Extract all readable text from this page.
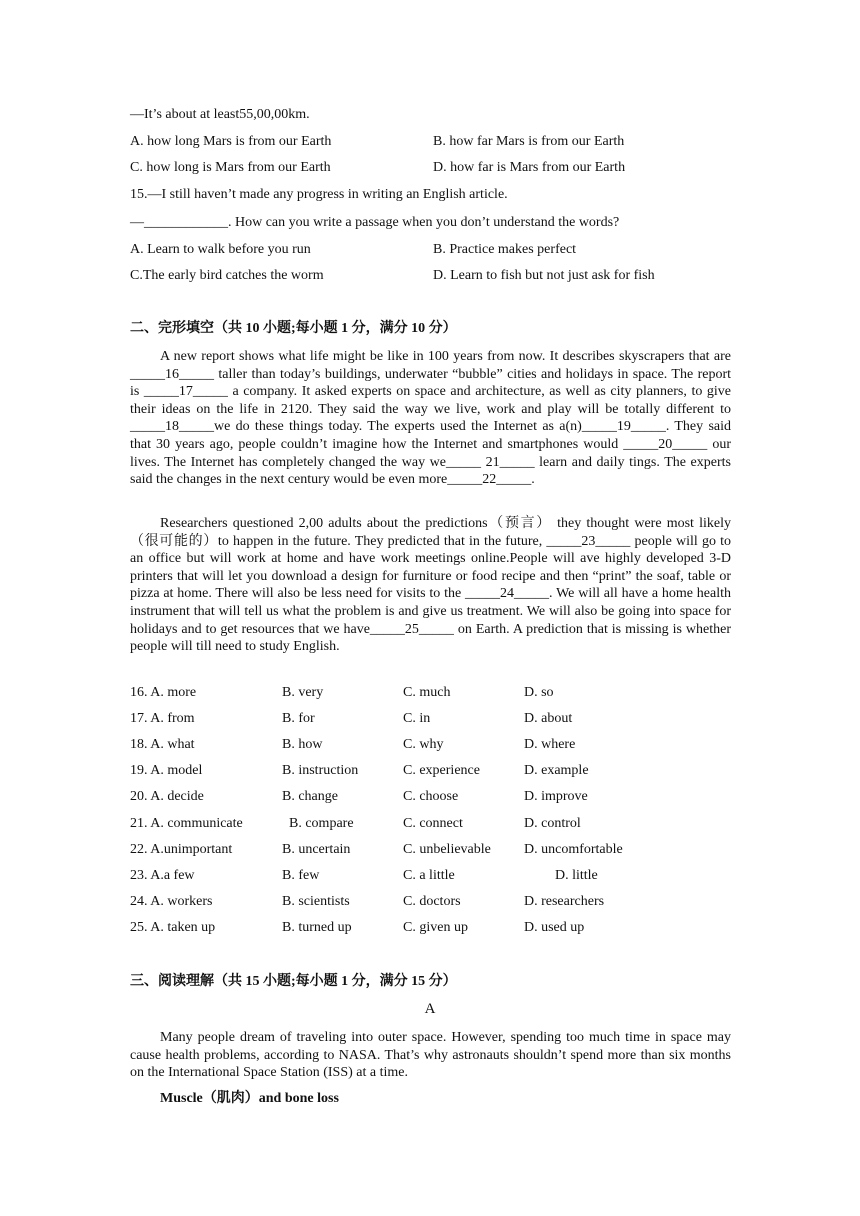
—It’s about at least55,00,00km.
A. how long Mars is from our Earth	B. how far Mars is from our Earth
C. how long is Mars from our Earth	D. how far is Mars from our Earth
15.—I still haven’t made any progress in writing an English article.
—____________. How can you write a passage when you don’t understand the words?
A. Learn to walk before you run	B. Practice makes perfect
C.The early bird catches the worm	D. Learn to fish but not just ask for fish
二、完形填空（共 10 小题;每小题 1 分，满分 10 分）
A new report shows what life might be like in 100 years from now. It describes skyscrapers that are _____16_____ taller than today’s buildings, underwater “bubble” cities and holidays in space. The report is _____17_____ a company. It asked experts on space and architecture, as well as city planners, to give their ideas on the life in 2120. They said the way we live, work and play will be totally different to _____18_____we do these things today. The experts used the Internet as a(n)_____19_____. They said that 30 years ago, people couldn’t imagine how the Internet and smartphones would _____20_____ our lives. The Internet has completely changed the way we_____ 21_____ learn and daily tings. The experts said the changes in the next century would be even more_____22_____.
Researchers questioned 2,00 adults about the predictions（预言） they thought were most likely（很可能的）to happen in the future. They predicted that in the future, _____23_____ people will go to an office but will work at home and have work meetings online.People will ave highly developed 3-D printers that will let you download a design for furniture or food recipe and then “print” the soaf, table or pizza at home. There will also be less need for visits to the _____24_____. We will all have a home health instrument that will tell us what the problem is and give us treatment. We will also be going into space for holidays and to get resources that we have_____25_____ on Earth. A prediction that is missing is whether people will till need to study English.
16. A. more	B. very	C. much	D. so
17. A. from	B. for	C. in	D. about
18. A. what	B. how	C. why	D. where
19. A. model	B. instruction	C. experience	D. example
20. A. decide	B. change	C. choose	D. improve
21. A. communicate	B. compare	C. connect	D. control
22. A.unimportant	B. uncertain	C. unbelievable D. uncomfortable
23. A.a few	B. few	C. a little	D. little
24. A. workers	B. scientists	C. doctors	D. researchers
25. A. taken up	B. turned up	C. given up	D. used up
三、阅读理解（共 15 小题;每小题 1 分，满分 15 分）
A
Many people dream of traveling into outer space. However, spending too much time in space may cause health problems, according to NASA. That’s why astronauts shouldn’t spend more than six months on the International Space Station (ISS) at a time.
Muscle（肌肉）and bone loss
